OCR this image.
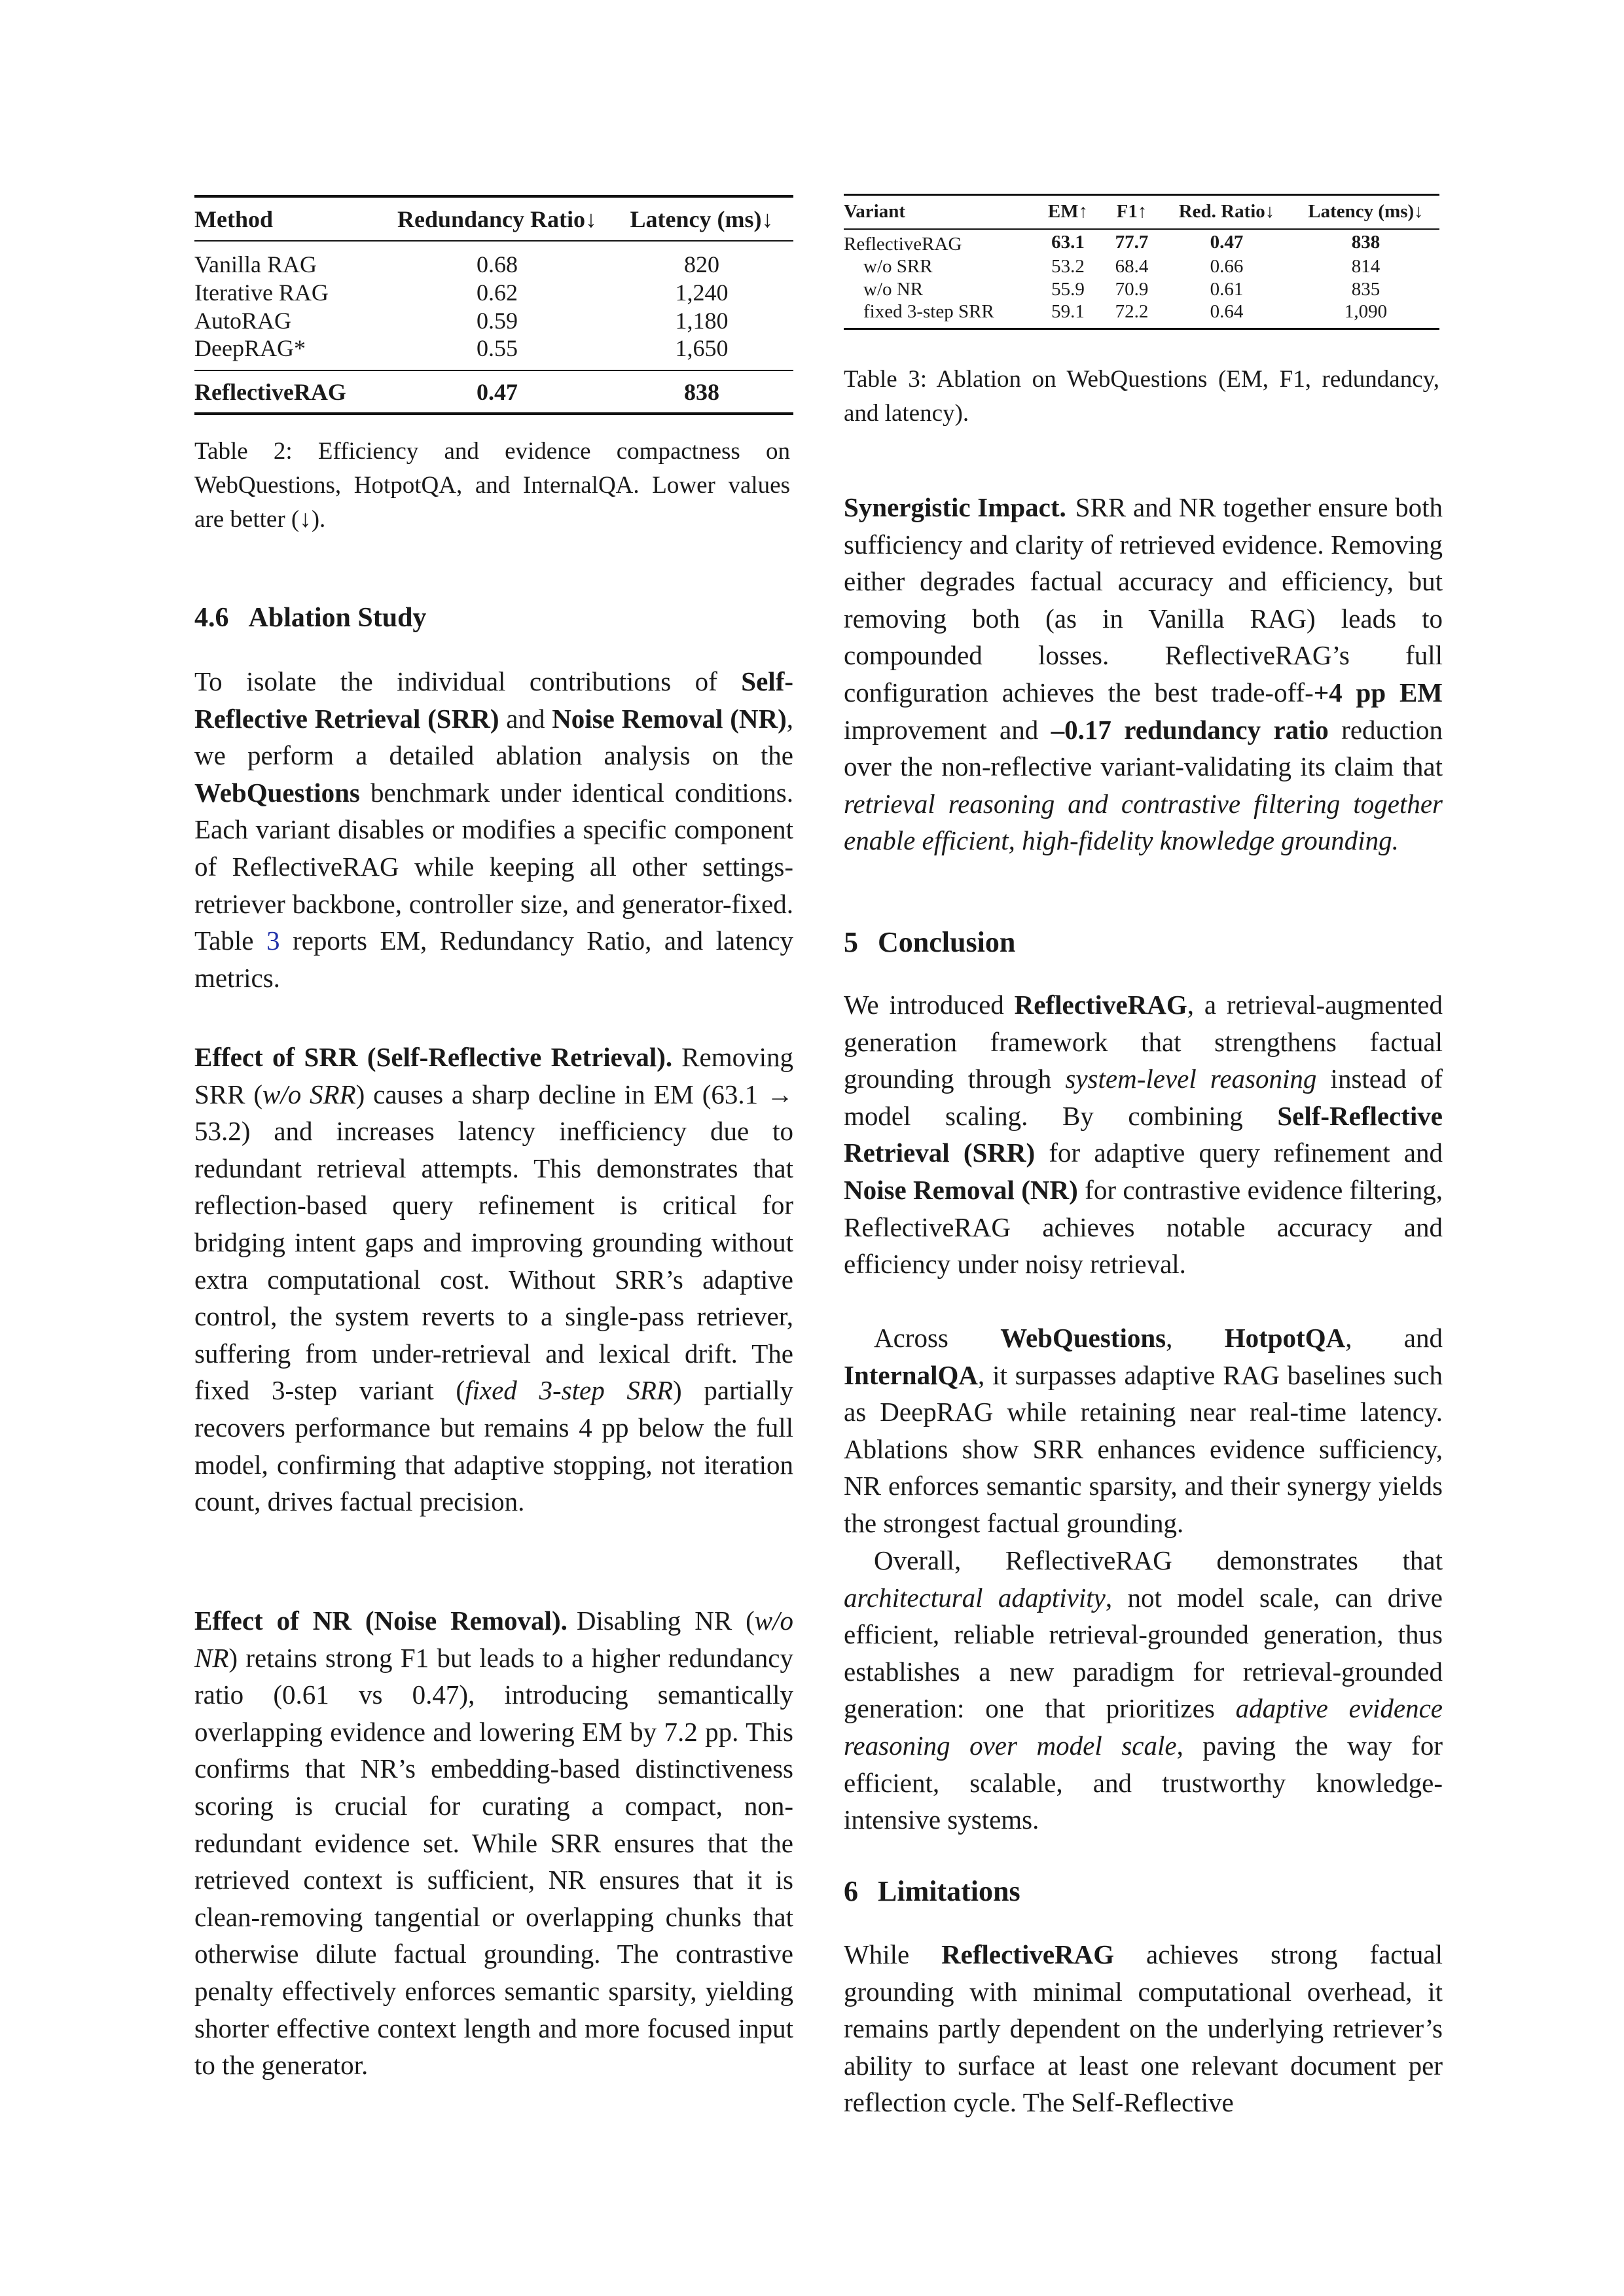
Method	Redundancy Ratio↓	Latency (ms)↓
Vanilla RAG	0.68	820
Iterative RAG	0.62	1,240
AutoRAG	0.59	1,180
DeepRAG*	0.55	1,650
ReflectiveRAG	0.47	838
Table 2: Efficiency and evidence compactness on WebQuestions, HotpotQA, and InternalQA. Lower values are better (↓).
4.6 Ablation Study

To isolate the individual contributions of Self-Reflective Retrieval (SRR) and Noise Removal (NR), we perform a detailed ablation analysis on the WebQuestions benchmark under identical conditions. Each variant disables or modifies a specific component of ReflectiveRAG while keeping all other settings-retriever backbone, controller size, and generator-fixed. Table 3 reports EM, Redundancy Ratio, and latency metrics.

Effect of SRR (Self-Reflective Retrieval). Removing SRR (w/o SRR) causes a sharp decline in EM (63.1 → 53.2) and increases latency inefficiency due to redundant retrieval attempts. This demonstrates that reflection-based query refinement is critical for bridging intent gaps and improving grounding without extra computational cost. Without SRR’s adaptive control, the system reverts to a single-pass retriever, suffering from under-retrieval and lexical drift. The fixed 3-step variant (fixed 3-step SRR) partially recovers performance but remains 4 pp below the full model, confirming that adaptive stopping, not iteration count, drives factual precision.

Effect of NR (Noise Removal). Disabling NR (w/o NR) retains strong F1 but leads to a higher redundancy ratio (0.61 vs 0.47), introducing semantically overlapping evidence and lowering EM by 7.2 pp. This confirms that NR’s embedding-based distinctiveness scoring is crucial for curating a compact, non-redundant evidence set. While SRR ensures that the retrieved context is sufficient, NR ensures that it is clean-removing tangential or overlapping chunks that otherwise dilute factual grounding. The contrastive penalty effectively enforces semantic sparsity, yielding shorter effective context length and more focused input to the generator.

Variant	EM↑	F1↑	Red. Ratio↓	Latency (ms)↓
ReflectiveRAG	63.1	77.7	0.47	838
w/o SRR	53.2	68.4	0.66	814
w/o NR	55.9	70.9	0.61	835
fixed 3-step SRR	59.1	72.2	0.64	1,090
Table 3: Ablation on WebQuestions (EM, F1, redundancy, and latency).

Synergistic Impact. SRR and NR together ensure both sufficiency and clarity of retrieved evidence. Removing either degrades factual accuracy and efficiency, but removing both (as in Vanilla RAG) leads to compounded losses. ReflectiveRAG’s full configuration achieves the best trade-off-+4 pp EM improvement and –0.17 redundancy ratio reduction over the non-reflective variant-validating its claim that retrieval reasoning and contrastive filtering together enable efficient, high-fidelity knowledge grounding.

5 Conclusion

We introduced ReflectiveRAG, a retrieval-augmented generation framework that strengthens factual grounding through system-level reasoning instead of model scaling. By combining Self-Reflective Retrieval (SRR) for adaptive query refinement and Noise Removal (NR) for contrastive evidence filtering, ReflectiveRAG achieves notable accuracy and efficiency under noisy retrieval.

Across WebQuestions, HotpotQA, and InternalQA, it surpasses adaptive RAG baselines such as DeepRAG while retaining near real-time latency. Ablations show SRR enhances evidence sufficiency, NR enforces semantic sparsity, and their synergy yields the strongest factual grounding.

Overall, ReflectiveRAG demonstrates that architectural adaptivity, not model scale, can drive efficient, reliable retrieval-grounded generation, thus establishes a new paradigm for retrieval-grounded generation: one that prioritizes adaptive evidence reasoning over model scale, paving the way for efficient, scalable, and trustworthy knowledge-intensive systems.

6 Limitations

While ReflectiveRAG achieves strong factual grounding with minimal computational overhead, it remains partly dependent on the underlying retriever’s ability to surface at least one relevant document per reflection cycle. The Self-Reflective
